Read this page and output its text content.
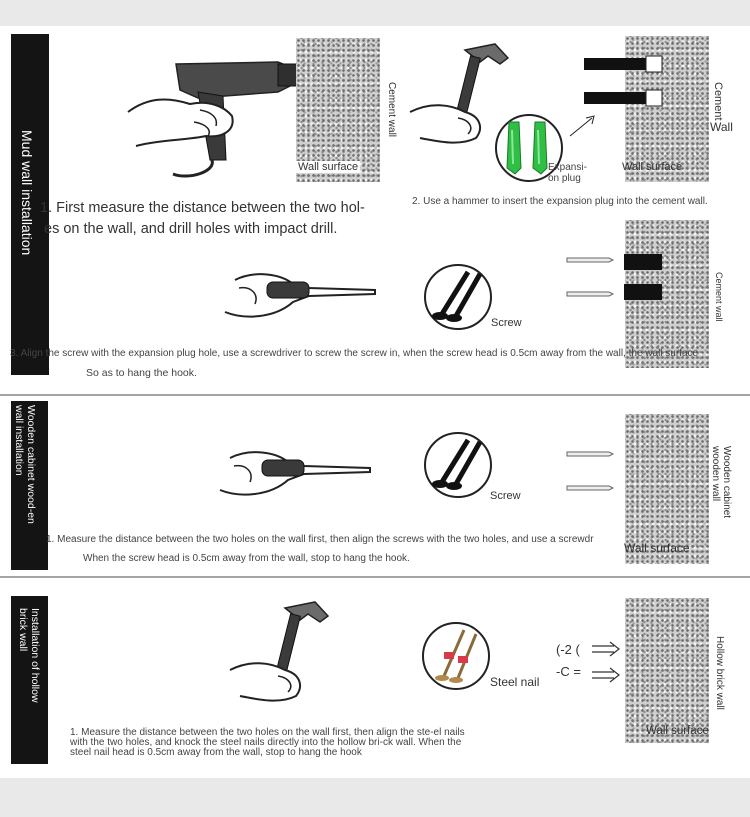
Mud wall installation
Cement wall
Wall surface
1. First measure the distance between the two hol-
es on the wall, and drill holes with impact drill.
Expansi-
on plug
Wall surface
Cement
Wall
2. Use a hammer to insert the expansion plug into the cement wall.
Screw
Cement wall
3. Align the screw with the expansion plug hole, use a screwdriver to screw the screw in, when the screw head is 0.5cm away from the wall, the wall surface
So as to hang the hook.
Wooden cabinet wood-en wall installation
Screw	Wooden cabinet wooden wall
Wall surface
1. Measure the distance between the two holes on the wall first, then align the screws with the two holes, and use a screwdr
When the screw head is 0.5cm away from the wall, stop to hang the hook.
Installation of hollow brick wall
Steel nail
(-2 (
-C =	Hollow brick wall
Wall surface
1. Measure the distance between the two holes on the wall first, then align the ste-el nails with the two holes, and knock the steel nails directly into the hollow bri-ck wall. When the steel nail head is 0.5cm away from the wall, stop to hang the hook
